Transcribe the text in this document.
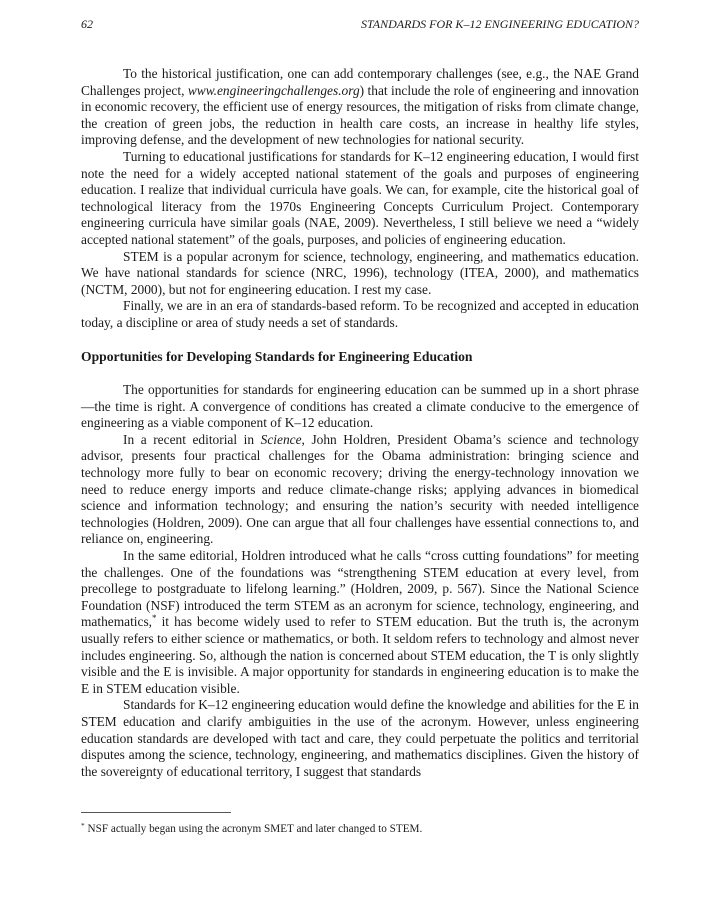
62	STANDARDS FOR K–12 ENGINEERING EDUCATION?

To the historical justification, one can add contemporary challenges (see, e.g., the NAE Grand Challenges project, www.engineeringchallenges.org) that include the role of engineering and innovation in economic recovery, the efficient use of energy resources, the mitigation of risks from climate change, the creation of green jobs, the reduction in health care costs, an increase in healthy life styles, improving defense, and the development of new technologies for national security.

Turning to educational justifications for standards for K–12 engineering education, I would first note the need for a widely accepted national statement of the goals and purposes of engineering education. I realize that individual curricula have goals. We can, for example, cite the historical goal of technological literacy from the 1970s Engineering Concepts Curriculum Project. Contemporary engineering curricula have similar goals (NAE, 2009). Nevertheless, I still believe we need a “widely accepted national statement” of the goals, purposes, and policies of engineering education.

STEM is a popular acronym for science, technology, engineering, and mathematics education. We have national standards for science (NRC, 1996), technology (ITEA, 2000), and mathematics (NCTM, 2000), but not for engineering education. I rest my case.

Finally, we are in an era of standards-based reform. To be recognized and accepted in education today, a discipline or area of study needs a set of standards.

Opportunities for Developing Standards for Engineering Education

The opportunities for standards for engineering education can be summed up in a short phrase—the time is right. A convergence of conditions has created a climate conducive to the emergence of engineering as a viable component of K–12 education.

In a recent editorial in Science, John Holdren, President Obama’s science and technology advisor, presents four practical challenges for the Obama administration: bringing science and technology more fully to bear on economic recovery; driving the energy-technology innovation we need to reduce energy imports and reduce climate-change risks; applying advances in biomedical science and information technology; and ensuring the nation’s security with needed intelligence technologies (Holdren, 2009). One can argue that all four challenges have essential connections to, and reliance on, engineering.

In the same editorial, Holdren introduced what he calls “cross cutting foundations” for meeting the challenges. One of the foundations was “strengthening STEM education at every level, from precollege to postgraduate to lifelong learning.” (Holdren, 2009, p. 567). Since the National Science Foundation (NSF) introduced the term STEM as an acronym for science, technology, engineering, and mathematics,* it has become widely used to refer to STEM education. But the truth is, the acronym usually refers to either science or mathematics, or both. It seldom refers to technology and almost never includes engineering. So, although the nation is concerned about STEM education, the T is only slightly visible and the E is invisible. A major opportunity for standards in engineering education is to make the E in STEM education visible.

Standards for K–12 engineering education would define the knowledge and abilities for the E in STEM education and clarify ambiguities in the use of the acronym. However, unless engineering education standards are developed with tact and care, they could perpetuate the politics and territorial disputes among the science, technology, engineering, and mathematics disciplines. Given the history of the sovereignty of educational territory, I suggest that standards

* NSF actually began using the acronym SMET and later changed to STEM.
